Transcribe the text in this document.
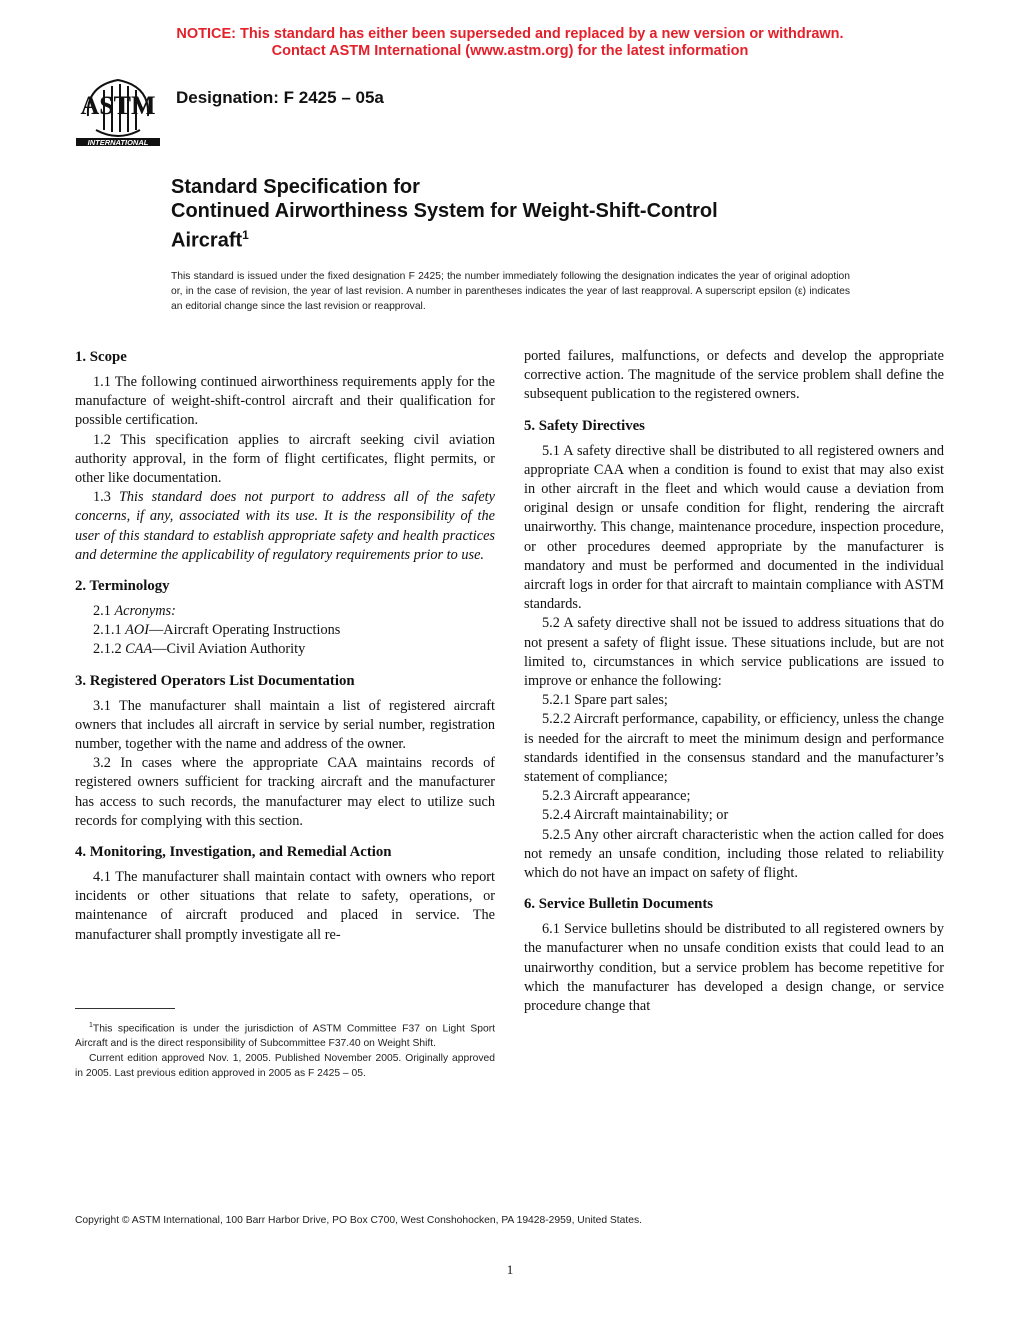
NOTICE: This standard has either been superseded and replaced by a new version or withdrawn.
Contact ASTM International (www.astm.org) for the latest information
ASTM
INTERNATIONAL
Designation: F 2425 – 05a
Standard Specification for
Continued Airworthiness System for Weight-Shift-Control
Aircraft$^1$
This standard is issued under the fixed designation F 2425; the number immediately following the designation indicates the year of original adoption or, in the case of revision, the year of last revision. A number in parentheses indicates the year of last reapproval. A superscript epsilon (ε) indicates an editorial change since the last revision or reapproval.
1. Scope

1.1 The following continued airworthiness requirements apply for the manufacture of weight-shift-control aircraft and their qualification for possible certification.

1.2 This specification applies to aircraft seeking civil aviation authority approval, in the form of flight certificates, flight permits, or other like documentation.

1.3 This standard does not purport to address all of the safety concerns, if any, associated with its use. It is the responsibility of the user of this standard to establish appropriate safety and health practices and determine the applicability of regulatory requirements prior to use.

2. Terminology

2.1 Acronyms:

2.1.1 AOI—Aircraft Operating Instructions

2.1.2 CAA—Civil Aviation Authority

3. Registered Operators List Documentation

3.1 The manufacturer shall maintain a list of registered aircraft owners that includes all aircraft in service by serial number, registration number, together with the name and address of the owner.

3.2 In cases where the appropriate CAA maintains records of registered owners sufficient for tracking aircraft and the manufacturer has access to such records, the manufacturer may elect to utilize such records for complying with this section.

4. Monitoring, Investigation, and Remedial Action

4.1 The manufacturer shall maintain contact with owners who report incidents or other situations that relate to safety, operations, or maintenance of aircraft produced and placed in service. The manufacturer shall promptly investigate all re-

$^1$This specification is under the jurisdiction of ASTM Committee F37 on Light Sport Aircraft and is the direct responsibility of Subcommittee F37.40 on Weight Shift.

Current edition approved Nov. 1, 2005. Published November 2005. Originally approved in 2005. Last previous edition approved in 2005 as F 2425 – 05.

ported failures, malfunctions, or defects and develop the appropriate corrective action. The magnitude of the service problem shall define the subsequent publication to the registered owners.

5. Safety Directives

5.1 A safety directive shall be distributed to all registered owners and appropriate CAA when a condition is found to exist that may also exist in other aircraft in the fleet and which would cause a deviation from original design or unsafe condition for flight, rendering the aircraft unairworthy. This change, maintenance procedure, inspection procedure, or other procedures deemed appropriate by the manufacturer is mandatory and must be performed and documented in the individual aircraft logs in order for that aircraft to maintain compliance with ASTM standards.

5.2 A safety directive shall not be issued to address situations that do not present a safety of flight issue. These situations include, but are not limited to, circumstances in which service publications are issued to improve or enhance the following:

5.2.1 Spare part sales;

5.2.2 Aircraft performance, capability, or efficiency, unless the change is needed for the aircraft to meet the minimum design and performance standards identified in the consensus standard and the manufacturer’s statement of compliance;

5.2.3 Aircraft appearance;

5.2.4 Aircraft maintainability; or

5.2.5 Any other aircraft characteristic when the action called for does not remedy an unsafe condition, including those related to reliability which do not have an impact on safety of flight.

6. Service Bulletin Documents

6.1 Service bulletins should be distributed to all registered owners by the manufacturer when no unsafe condition exists that could lead to an unairworthy condition, but a service problem has become repetitive for which the manufacturer has developed a design change, or service procedure change that

Copyright © ASTM International, 100 Barr Harbor Drive, PO Box C700, West Conshohocken, PA 19428-2959, United States.
1
